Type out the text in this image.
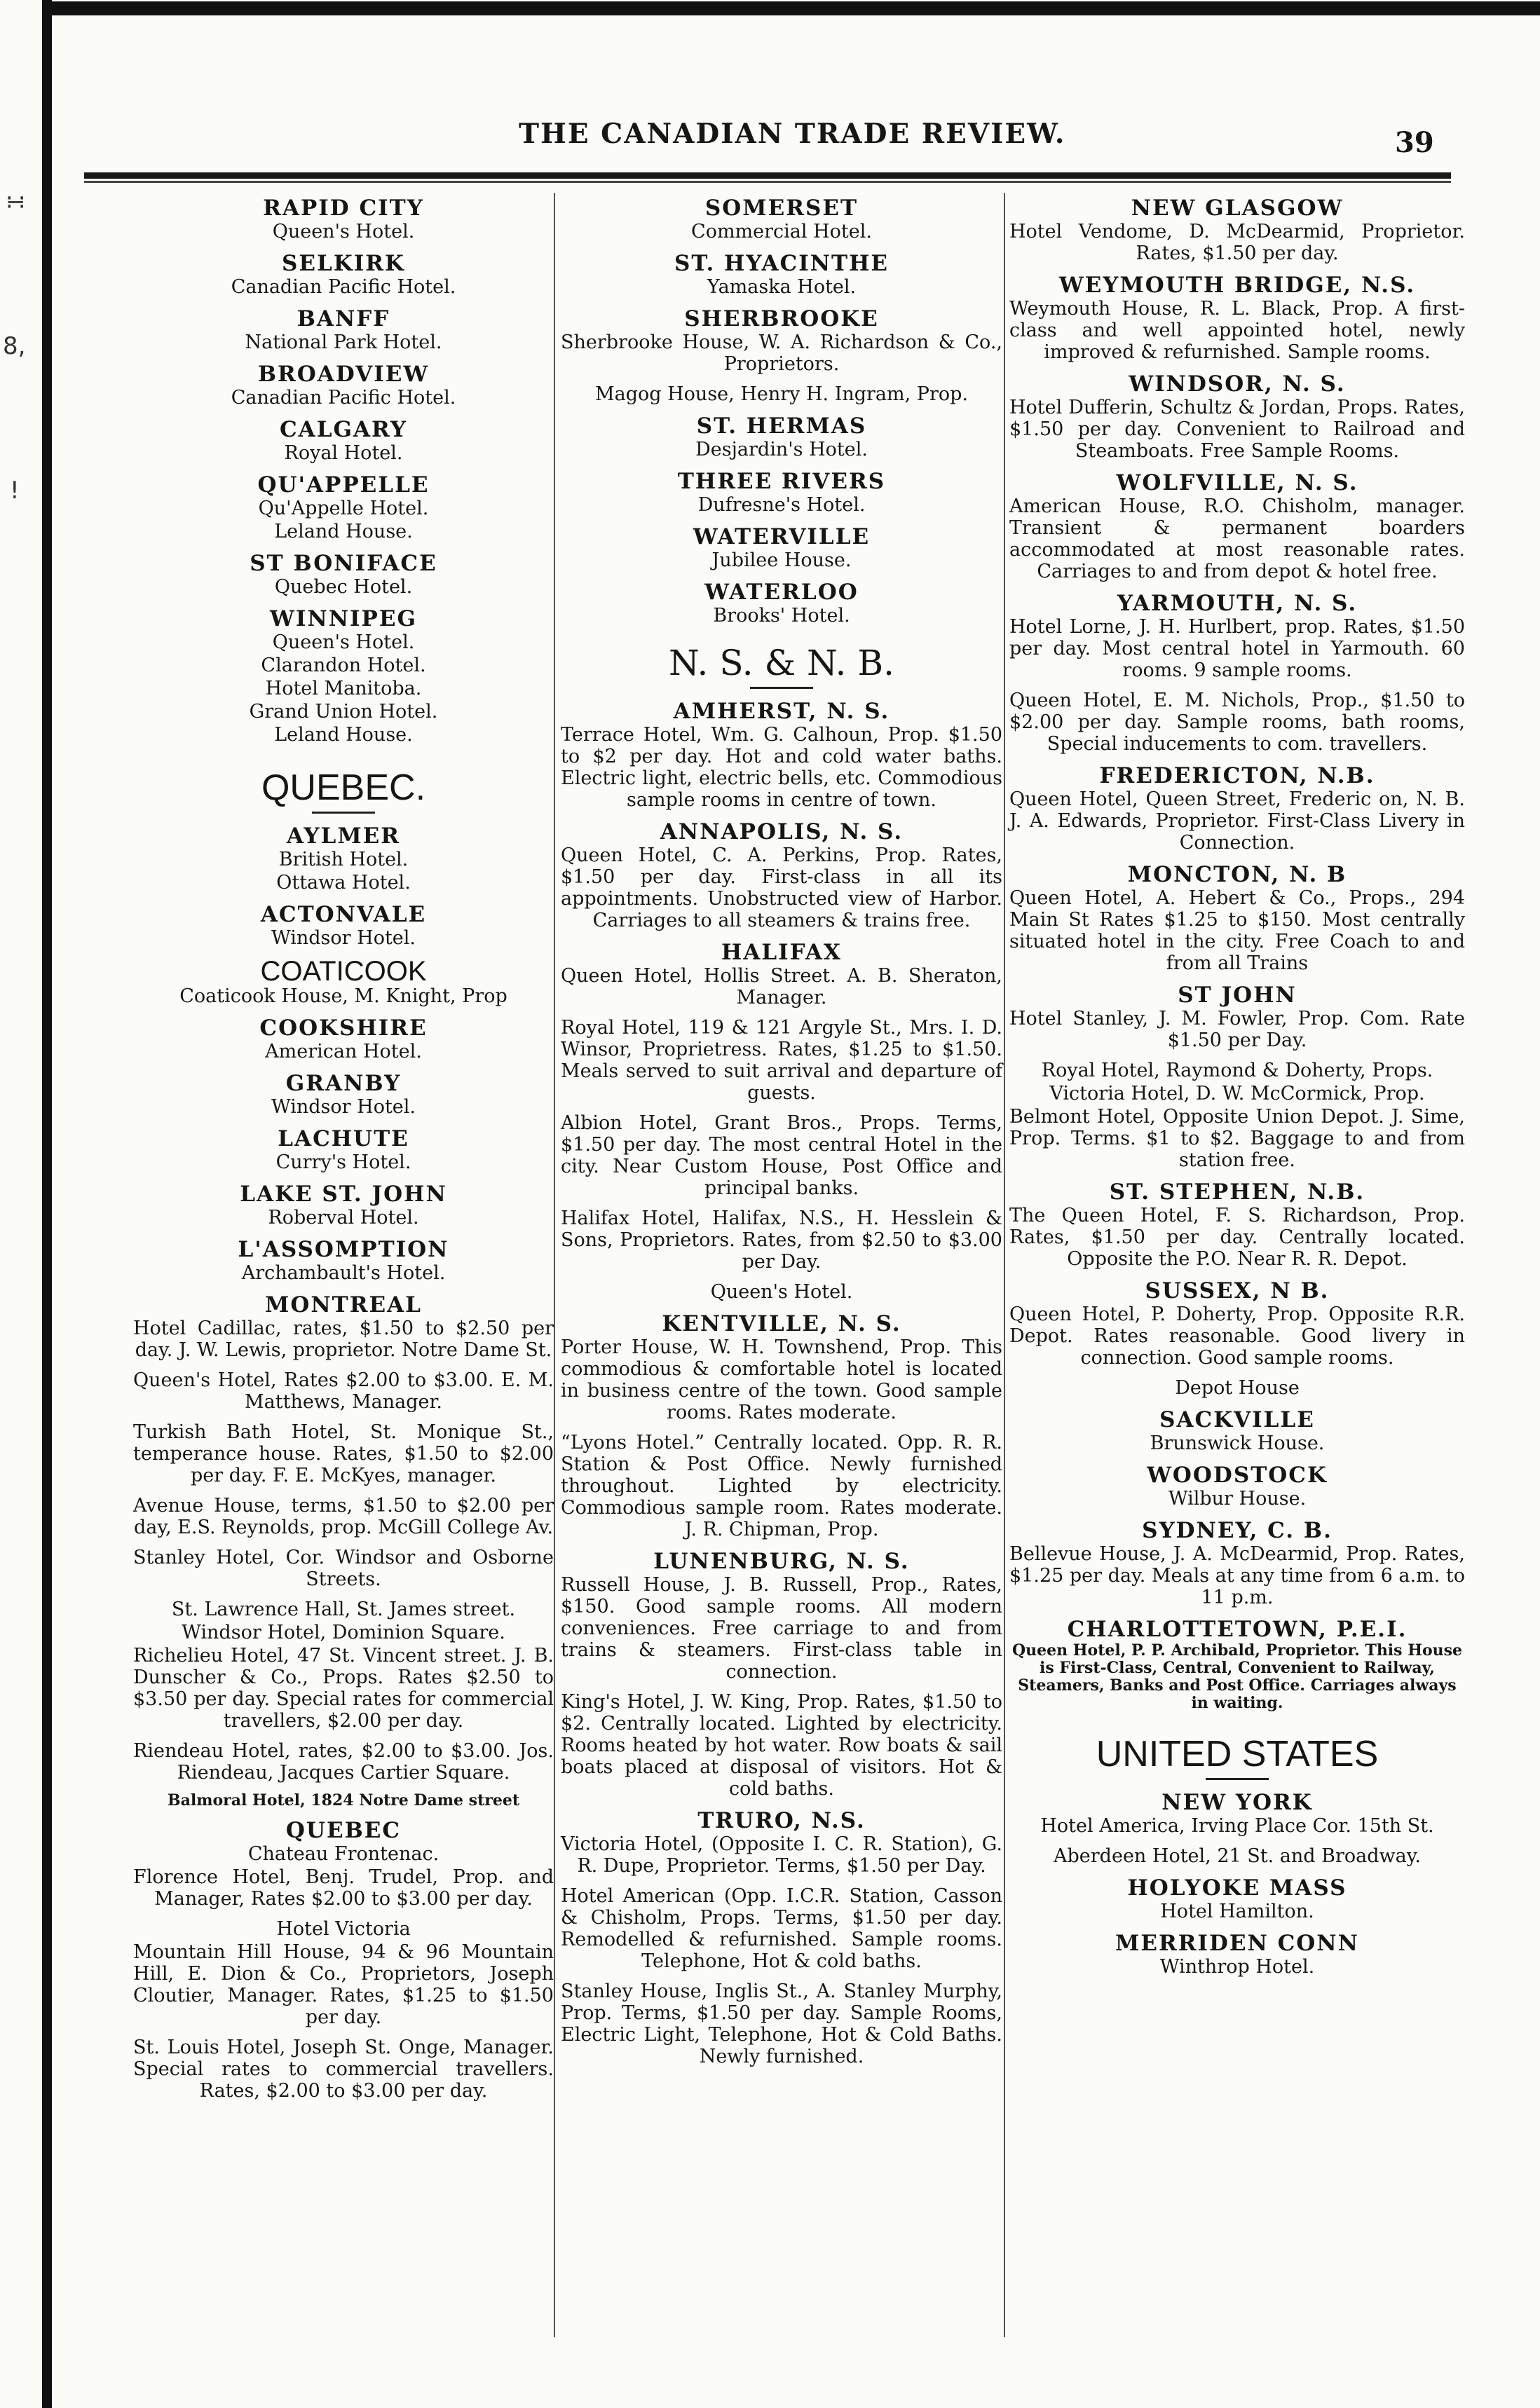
∺
8,
!
THE CANADIAN TRADE REVIEW.	39
RAPID CITY
Queen's Hotel.
SELKIRK
Canadian Pacific Hotel.
BANFF
National Park Hotel.
BROADVIEW
Canadian Pacific Hotel.
CALGARY
Royal Hotel.
QU'APPELLE
Qu'Appelle Hotel.
Leland House.
ST BONIFACE
Quebec Hotel.
WINNIPEG
Queen's Hotel.
Clarandon Hotel.
Hotel Manitoba.
Grand Union Hotel.
Leland House.
QUEBEC.
AYLMER
British Hotel.
Ottawa Hotel.
ACTONVALE
Windsor Hotel.
COATICOOK
Coaticook House, M. Knight, Prop
COOKSHIRE
American Hotel.
GRANBY
Windsor Hotel.
LACHUTE
Curry's Hotel.
LAKE ST. JOHN
Roberval Hotel.
L'ASSOMPTION
Archambault's Hotel.
MONTREAL
Hotel Cadillac, rates, $1.50 to $2.50 per day. J. W. Lewis, proprietor. Notre Dame St.
Queen's Hotel, Rates $2.00 to $3.00. E. M. Matthews, Manager.
Turkish Bath Hotel, St. Monique St., temperance house. Rates, $1.50 to $2.00 per day. F. E. McKyes, manager.
Avenue House, terms, $1.50 to $2.00 per day, E.S. Reynolds, prop. McGill College Av.
Stanley Hotel, Cor. Windsor and Osborne Streets.
St. Lawrence Hall, St. James street.
Windsor Hotel, Dominion Square.
Richelieu Hotel, 47 St. Vincent street. J. B. Dunscher & Co., Props. Rates $2.50 to $3.50 per day. Special rates for commercial travellers, $2.00 per day.
Riendeau Hotel, rates, $2.00 to $3.00. Jos. Riendeau, Jacques Cartier Square.
Balmoral Hotel, 1824 Notre Dame street
QUEBEC
Chateau Frontenac.
Florence Hotel, Benj. Trudel, Prop. and Manager, Rates $2.00 to $3.00 per day.
Hotel Victoria
Mountain Hill House, 94 & 96 Mountain Hill, E. Dion & Co., Proprietors, Joseph Cloutier, Manager. Rates, $1.25 to $1.50 per day.
St. Louis Hotel, Joseph St. Onge, Manager. Special rates to commercial travellers. Rates, $2.00 to $3.00 per day.
SOMERSET
Commercial Hotel.
ST. HYACINTHE
Yamaska Hotel.
SHERBROOKE
Sherbrooke House, W. A. Richardson & Co., Proprietors.
Magog House, Henry H. Ingram, Prop.
ST. HERMAS
Desjardin's Hotel.
THREE RIVERS
Dufresne's Hotel.
WATERVILLE
Jubilee House.
WATERLOO
Brooks' Hotel.
N. S. & N. B.
AMHERST, N. S.
Terrace Hotel, Wm. G. Calhoun, Prop. $1.50 to $2 per day. Hot and cold water baths. Electric light, electric bells, etc. Commodious sample rooms in centre of town.
ANNAPOLIS, N. S.
Queen Hotel, C. A. Perkins, Prop. Rates, $1.50 per day. First-class in all its appointments. Unobstructed view of Harbor. Carriages to all steamers & trains free.
HALIFAX
Queen Hotel, Hollis Street. A. B. Sheraton, Manager.
Royal Hotel, 119 & 121 Argyle St., Mrs. I. D. Winsor, Proprietress. Rates, $1.25 to $1.50. Meals served to suit arrival and departure of guests.
Albion Hotel, Grant Bros., Props. Terms, $1.50 per day. The most central Hotel in the city. Near Custom House, Post Office and principal banks.
Halifax Hotel, Halifax, N.S., H. Hesslein & Sons, Proprietors. Rates, from $2.50 to $3.00 per Day.
Queen's Hotel.
KENTVILLE, N. S.
Porter House, W. H. Townshend, Prop. This commodious & comfortable hotel is located in business centre of the town. Good sample rooms. Rates moderate.
“Lyons Hotel.” Centrally located. Opp. R. R. Station & Post Office. Newly furnished throughout. Lighted by electricity. Commodious sample room. Rates moderate. J. R. Chipman, Prop.
LUNENBURG, N. S.
Russell House, J. B. Russell, Prop., Rates, $150. Good sample rooms. All modern conveniences. Free carriage to and from trains & steamers. First-class table in connection.
King's Hotel, J. W. King, Prop. Rates, $1.50 to $2. Centrally located. Lighted by electricity. Rooms heated by hot water. Row boats & sail boats placed at disposal of visitors. Hot & cold baths.
TRURO, N.S.
Victoria Hotel, (Opposite I. C. R. Station), G. R. Dupe, Proprietor. Terms, $1.50 per Day.
Hotel American (Opp. I.C.R. Station, Casson & Chisholm, Props. Terms, $1.50 per day. Remodelled & refurnished. Sample rooms. Telephone, Hot & cold baths.
Stanley House, Inglis St., A. Stanley Murphy, Prop. Terms, $1.50 per day. Sample Rooms, Electric Light, Telephone, Hot & Cold Baths. Newly furnished.
NEW GLASGOW
Hotel Vendome, D. McDearmid, Proprietor. Rates, $1.50 per day.
WEYMOUTH BRIDGE, N.S.
Weymouth House, R. L. Black, Prop. A first-class and well appointed hotel, newly improved & refurnished. Sample rooms.
WINDSOR, N. S.
Hotel Dufferin, Schultz & Jordan, Props. Rates, $1.50 per day. Convenient to Railroad and Steamboats. Free Sample Rooms.
WOLFVILLE, N. S.
American House, R.O. Chisholm, manager. Transient & permanent boarders accommodated at most reasonable rates. Carriages to and from depot & hotel free.
YARMOUTH, N. S.
Hotel Lorne, J. H. Hurlbert, prop. Rates, $1.50 per day. Most central hotel in Yarmouth. 60 rooms. 9 sample rooms.
Queen Hotel, E. M. Nichols, Prop., $1.50 to $2.00 per day. Sample rooms, bath rooms, Special inducements to com. travellers.
FREDERICTON, N.B.
Queen Hotel, Queen Street, Frederic on, N. B. J. A. Edwards, Proprietor. First-Class Livery in Connection.
MONCTON, N. B
Queen Hotel, A. Hebert & Co., Props., 294 Main St Rates $1.25 to $150. Most centrally situated hotel in the city. Free Coach to and from all Trains
ST JOHN
Hotel Stanley, J. M. Fowler, Prop. Com. Rate $1.50 per Day.
Royal Hotel, Raymond & Doherty, Props.
Victoria Hotel, D. W. McCormick, Prop.
Belmont Hotel, Opposite Union Depot. J. Sime, Prop. Terms. $1 to $2. Baggage to and from station free.
ST. STEPHEN, N.B.
The Queen Hotel, F. S. Richardson, Prop. Rates, $1.50 per day. Centrally located. Opposite the P.O. Near R. R. Depot.
SUSSEX, N B.
Queen Hotel, P. Doherty, Prop. Opposite R.R. Depot. Rates reasonable. Good livery in connection. Good sample rooms.
Depot House
SACKVILLE
Brunswick House.
WOODSTOCK
Wilbur House.
SYDNEY, C. B.
Bellevue House, J. A. McDearmid, Prop. Rates, $1.25 per day. Meals at any time from 6 a.m. to 11 p.m.
CHARLOTTETOWN, P.E.I.
Queen Hotel, P. P. Archibald, Proprietor. This House is First-Class, Central, Convenient to Railway, Steamers, Banks and Post Office. Carriages always in waiting.
UNITED STATES
NEW YORK
Hotel America, Irving Place Cor. 15th St.
Aberdeen Hotel, 21 St. and Broadway.
HOLYOKE MASS
Hotel Hamilton.
MERRIDEN CONN
Winthrop Hotel.
